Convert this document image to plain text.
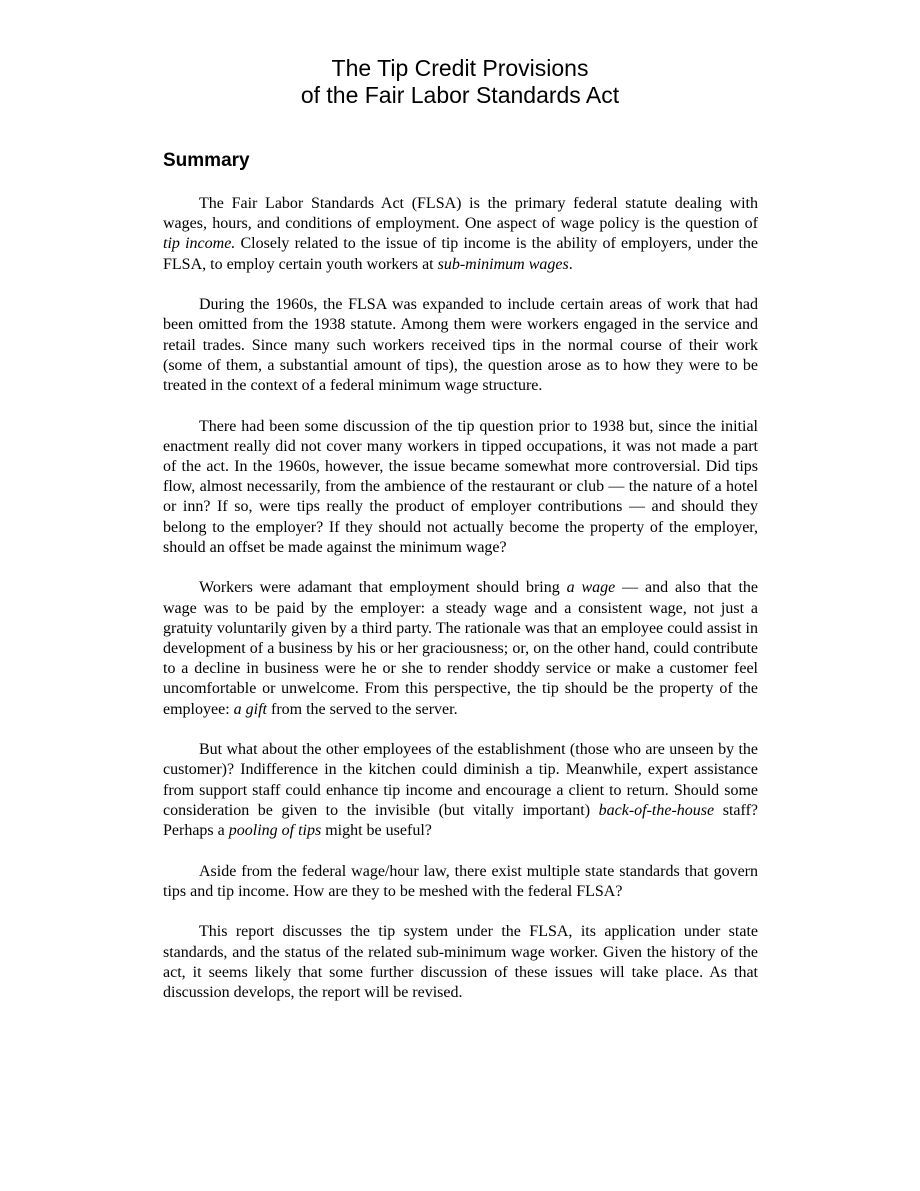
The Tip Credit Provisions
of the Fair Labor Standards Act
Summary

The Fair Labor Standards Act (FLSA) is the primary federal statute dealing with wages, hours, and conditions of employment. One aspect of wage policy is the question of tip income. Closely related to the issue of tip income is the ability of employers, under the FLSA, to employ certain youth workers at sub-minimum wages.

During the 1960s, the FLSA was expanded to include certain areas of work that had been omitted from the 1938 statute. Among them were workers engaged in the service and retail trades. Since many such workers received tips in the normal course of their work (some of them, a substantial amount of tips), the question arose as to how they were to be treated in the context of a federal minimum wage structure.

There had been some discussion of the tip question prior to 1938 but, since the initial enactment really did not cover many workers in tipped occupations, it was not made a part of the act. In the 1960s, however, the issue became somewhat more controversial. Did tips flow, almost necessarily, from the ambience of the restaurant or club — the nature of a hotel or inn? If so, were tips really the product of employer contributions — and should they belong to the employer? If they should not actually become the property of the employer, should an offset be made against the minimum wage?

Workers were adamant that employment should bring a wage — and also that the wage was to be paid by the employer: a steady wage and a consistent wage, not just a gratuity voluntarily given by a third party. The rationale was that an employee could assist in development of a business by his or her graciousness; or, on the other hand, could contribute to a decline in business were he or she to render shoddy service or make a customer feel uncomfortable or unwelcome. From this perspective, the tip should be the property of the employee: a gift from the served to the server.

But what about the other employees of the establishment (those who are unseen by the customer)? Indifference in the kitchen could diminish a tip. Meanwhile, expert assistance from support staff could enhance tip income and encourage a client to return. Should some consideration be given to the invisible (but vitally important) back-of-the-house staff? Perhaps a pooling of tips might be useful?

Aside from the federal wage/hour law, there exist multiple state standards that govern tips and tip income. How are they to be meshed with the federal FLSA?

This report discusses the tip system under the FLSA, its application under state standards, and the status of the related sub-minimum wage worker. Given the history of the act, it seems likely that some further discussion of these issues will take place. As that discussion develops, the report will be revised.
